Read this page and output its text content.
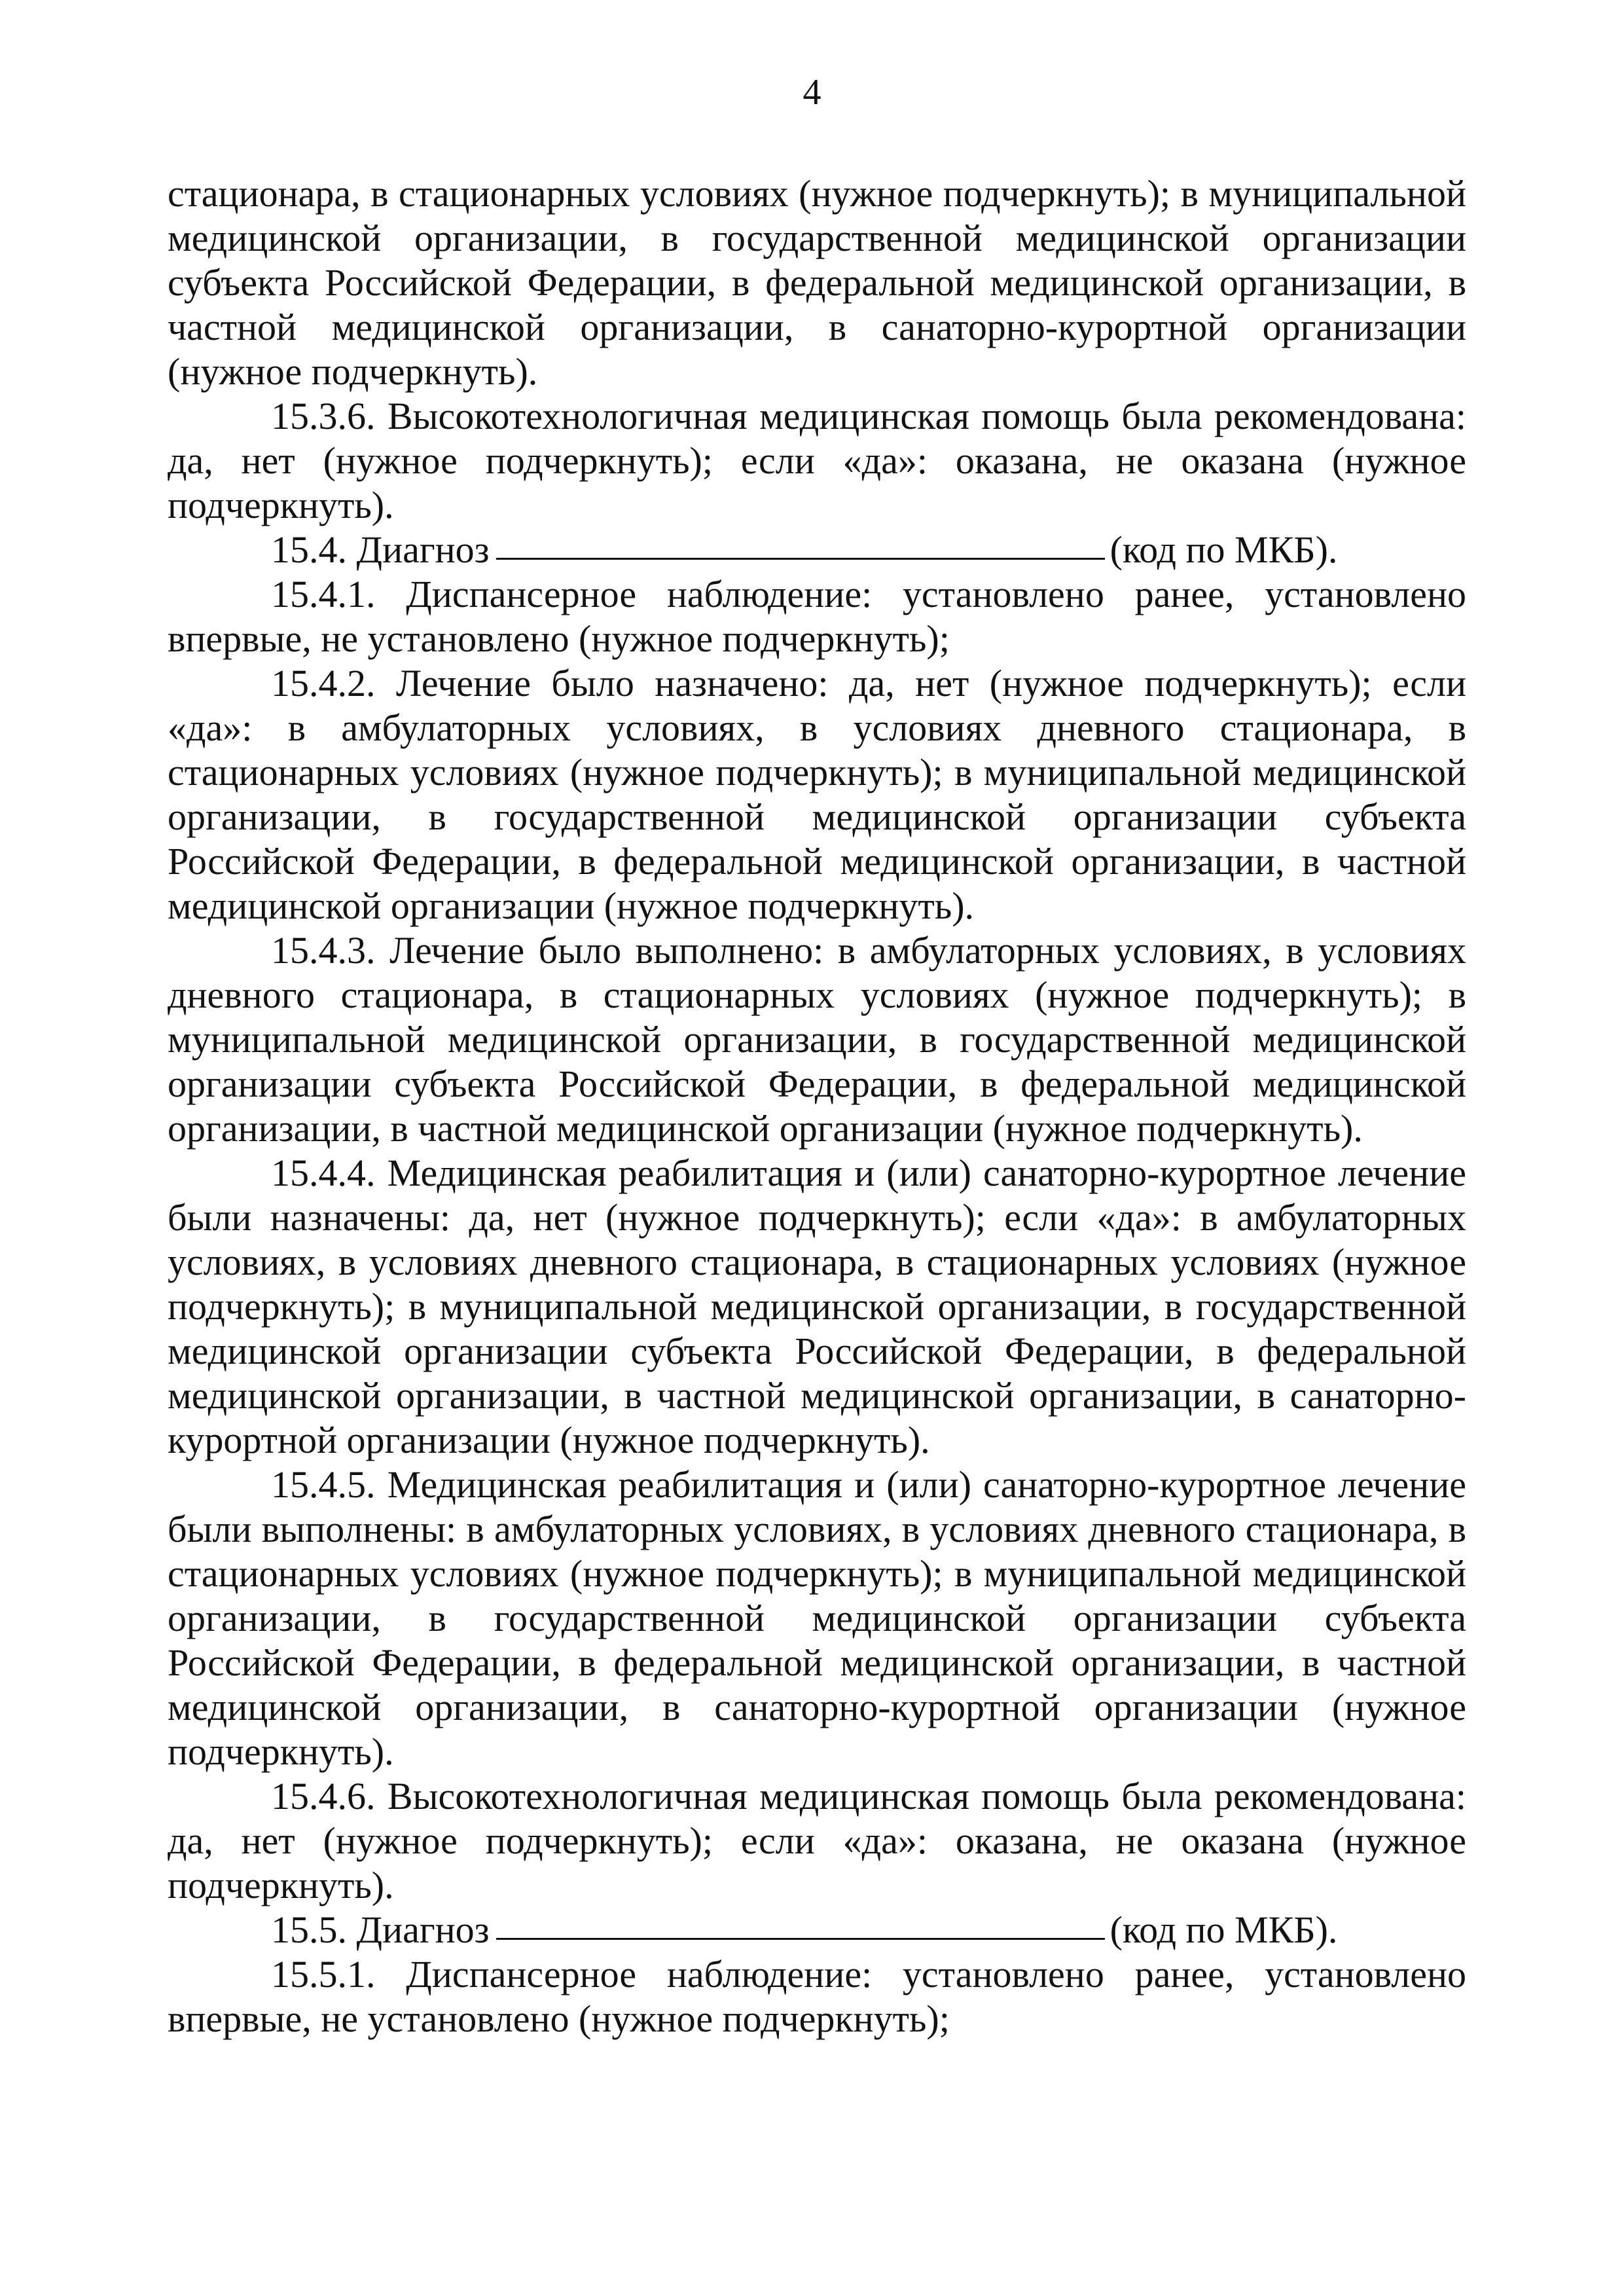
4

стационара, в стационарных условиях (нужное подчеркнуть); в муниципальной медицинской организации, в государственной медицинской организации субъекта Российской Федерации, в федеральной медицинской организации, в частной медицинской организации, в санаторно-курортной организации (нужное подчеркнуть).

15.3.6. Высокотехнологичная медицинская помощь была рекомендована: да, нет (нужное подчеркнуть); если «да»: оказана, не оказана (нужное подчеркнуть).

15.4. Диагноз	(код по МКБ).

15.4.1. Диспансерное наблюдение: установлено ранее, установлено впервые, не установлено (нужное подчеркнуть);

15.4.2. Лечение было назначено: да, нет (нужное подчеркнуть); если «да»: в амбулаторных условиях, в условиях дневного стационара, в стационарных условиях (нужное подчеркнуть); в муниципальной медицинской организации, в государственной медицинской организации субъекта Российской Федерации, в федеральной медицинской организации, в частной медицинской организации (нужное подчеркнуть).

15.4.3. Лечение было выполнено: в амбулаторных условиях, в условиях дневного стационара, в стационарных условиях (нужное подчеркнуть); в муниципальной медицинской организации, в государственной медицинской организации субъекта Российской Федерации, в федеральной медицинской организации, в частной медицинской организации (нужное подчеркнуть).

15.4.4. Медицинская реабилитация и (или) санаторно-курортное лечение были назначены: да, нет (нужное подчеркнуть); если «да»: в амбулаторных условиях, в условиях дневного стационара, в стационарных условиях (нужное подчеркнуть); в муниципальной медицинской организации, в государственной медицинской организации субъекта Российской Федерации, в федеральной медицинской организации, в частной медицинской организации, в санаторно-курортной организации (нужное подчеркнуть).

15.4.5. Медицинская реабилитация и (или) санаторно-курортное лечение были выполнены: в амбулаторных условиях, в условиях дневного стационара, в стационарных условиях (нужное подчеркнуть); в муниципальной медицинской организации, в государственной медицинской организации субъекта Российской Федерации, в федеральной медицинской организации, в частной медицинской организации, в санаторно-курортной организации (нужное подчеркнуть).

15.4.6. Высокотехнологичная медицинская помощь была рекомендована: да, нет (нужное подчеркнуть); если «да»: оказана, не оказана (нужное подчеркнуть).

15.5. Диагноз	(код по МКБ).

15.5.1. Диспансерное наблюдение: установлено ранее, установлено впервые, не установлено (нужное подчеркнуть);
